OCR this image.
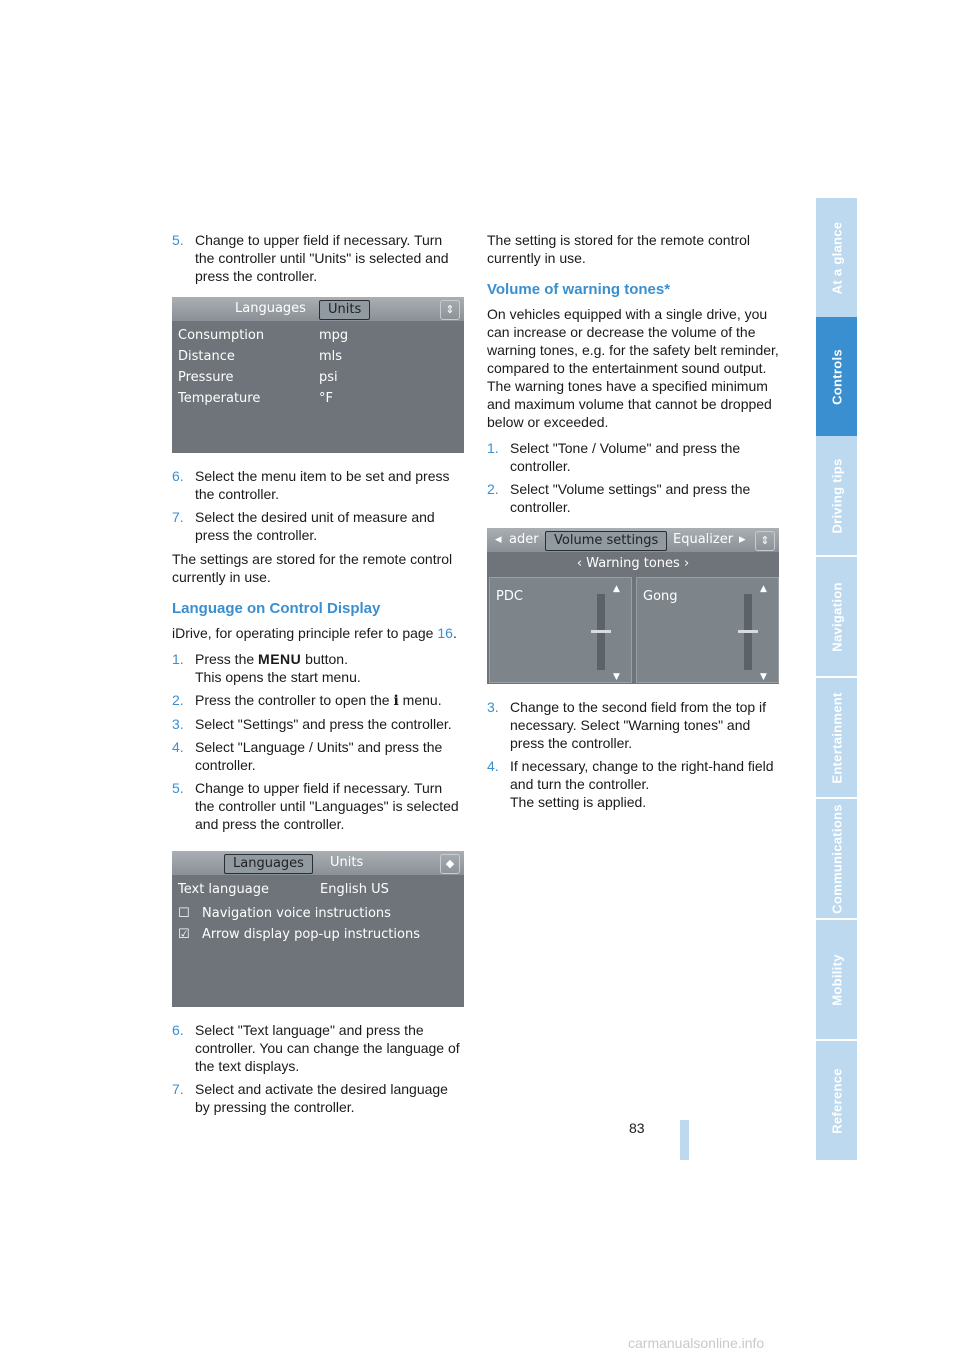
5. Change to upper field if necessary. Turn the controller until "Units" is selected and press the controller.
Languages	Units	⇕
Consumption	mpg
Distance	mls
Pressure	psi
Temperature	°F
6. Select the menu item to be set and press the controller.
7. Select the desired unit of measure and press the controller.

The settings are stored for the remote control currently in use.

Language on Control Display

iDrive, for operating principle refer to page 16.

1. Press the MENU button.
This opens the start menu.
2. Press the controller to open the i menu.
3. Select "Settings" and press the controller.
4. Select "Language / Units" and press the controller.
5. Change to upper field if necessary. Turn the controller until "Languages" is selected and press the controller.
Languages	Units	◆
Text language	English US
☐ Navigation voice instructions
☑ Arrow display pop-up instructions
6. Select "Text language" and press the controller. You can change the language of the text displays.
7. Select and activate the desired language by pressing the controller.

The setting is stored for the remote control currently in use.

Volume of warning tones*

On vehicles equipped with a single drive, you can increase or decrease the volume of the warning tones, e.g. for the safety belt reminder, compared to the entertainment sound output. The warning tones have a specified minimum and maximum volume that cannot be dropped below or exceeded.

1. Select "Tone / Volume" and press the controller.
2. Select "Volume settings" and press the controller.
◂ ader	Volume settings	Equalizer ▸	⇕
‹ Warning tones ›
PDC	▲
▼
Gong	▲
▼
3. Change to the second field from the top if necessary. Select "Warning tones" and press the controller.
4. If necessary, change to the right-hand field and turn the controller.
The setting is applied.
At a glance
Controls
Driving tips
Navigation
Entertainment
Communications
Mobility
Reference
83
carmanualsonline.info
